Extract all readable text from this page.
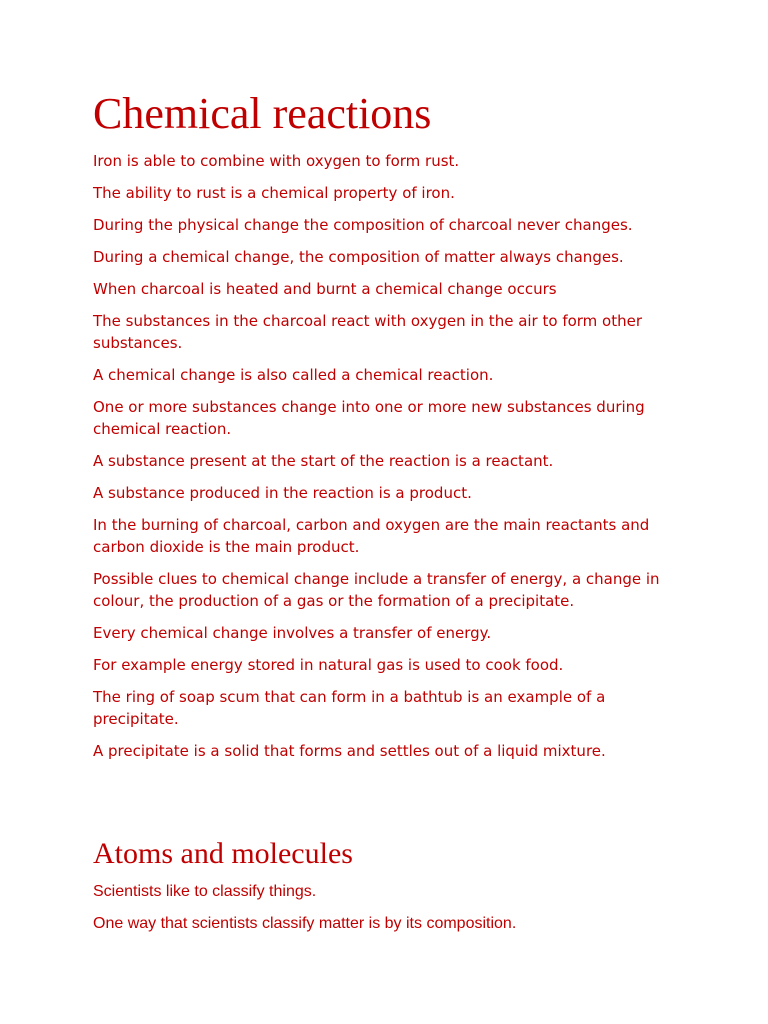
Chemical reactions

Iron is able to combine with oxygen to form rust.

The ability to rust is a chemical property of iron.

During the physical change the composition of charcoal never changes.

During a chemical change, the composition of matter always changes.

When charcoal is heated and burnt a chemical change occurs

The substances in the charcoal react with oxygen in the air to form other substances.

A chemical change is also called a chemical reaction.

One or more substances change into one or more new substances during chemical reaction.

A substance present at the start of the reaction is a reactant.

A substance produced in the reaction is a product.

In the burning of charcoal, carbon and oxygen are the main reactants and carbon dioxide is the main product.

Possible clues to chemical change include a transfer of energy, a change in colour, the production of a gas or the formation of a precipitate.

Every chemical change involves a transfer of energy.

For example energy stored in natural gas is used to cook food.

The ring of soap scum that can form in a bathtub is an example of a precipitate.

A precipitate is a solid that forms and settles out of a liquid mixture.

Atoms and molecules

Scientists like to classify things.

One way that scientists classify matter is by its composition.
